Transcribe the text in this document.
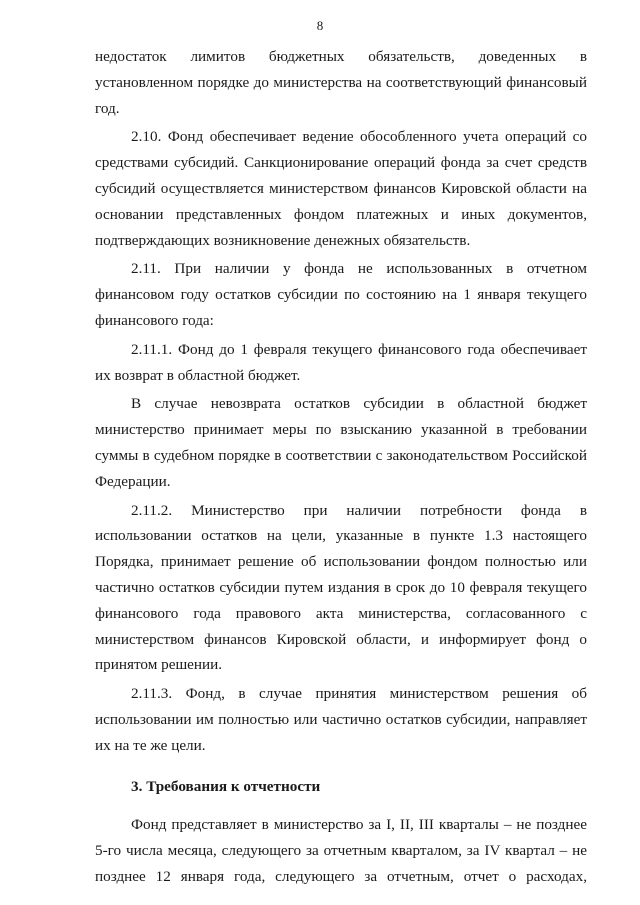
8

недостаток лимитов бюджетных обязательств, доведенных в установленном порядке до министерства на соответствующий финансовый год.

2.10. Фонд обеспечивает ведение обособленного учета операций со средствами субсидий. Санкционирование операций фонда за счет средств субсидий осуществляется министерством финансов Кировской области на основании представленных фондом платежных и иных документов, подтверждающих возникновение денежных обязательств.

2.11. При наличии у фонда не использованных в отчетном финансовом году остатков субсидии по состоянию на 1 января текущего финансового года:

2.11.1. Фонд до 1 февраля текущего финансового года обеспечивает их возврат в областной бюджет.

В случае невозврата остатков субсидии в областной бюджет министерство принимает меры по взысканию указанной в требовании суммы в судебном порядке в соответствии с законодательством Российской Федерации.

2.11.2. Министерство при наличии потребности фонда в использовании остатков на цели, указанные в пункте 1.3 настоящего Порядка, принимает решение об использовании фондом полностью или частично остатков субсидии путем издания в срок до 10 февраля текущего финансового года правового акта министерства, согласованного с министерством финансов Кировской области, и информирует фонд о принятом решении.

2.11.3. Фонд, в случае принятия министерством решения об использовании им полностью или частично остатков субсидии, направляет их на те же цели.

3. Требования к отчетности

Фонд представляет в министерство за I, II, III кварталы – не позднее 5-го числа месяца, следующего за отчетным кварталом, за IV квартал – не позднее 12 января года, следующего за отчетным, отчет о расходах,
